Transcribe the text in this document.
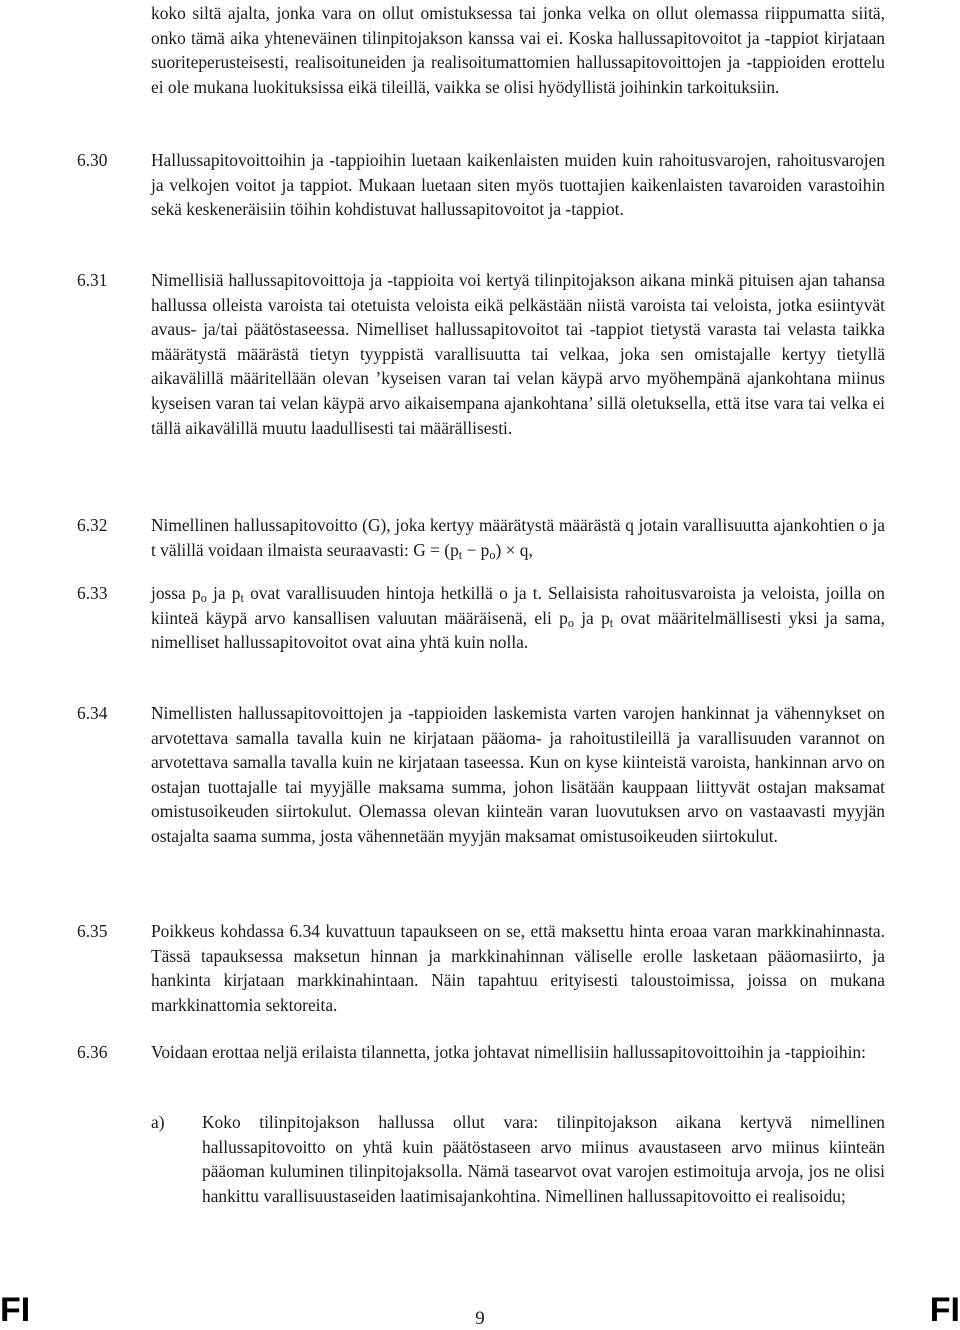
koko siltä ajalta, jonka vara on ollut omistuksessa tai jonka velka on ollut olemassa riippumatta siitä, onko tämä aika yhteneväinen tilinpitojakson kanssa vai ei. Koska hallussapitovoitot ja -tappiot kirjataan suoriteperusteisesti, realisoituneiden ja realisoitumattomien hallussapitovoittojen ja -tappioiden erottelu ei ole mukana luokituksissa eikä tileillä, vaikka se olisi hyödyllistä joihinkin tarkoituksiin.
6.30	Hallussapitovoittoihin ja -tappioihin luetaan kaikenlaisten muiden kuin rahoitusvarojen, rahoitusvarojen ja velkojen voitot ja tappiot. Mukaan luetaan siten myös tuottajien kaikenlaisten tavaroiden varastoihin sekä keskeneräisiin töihin kohdistuvat hallussapitovoitot ja -tappiot.
6.31	Nimellisiä hallussapitovoittoja ja -tappioita voi kertyä tilinpitojakson aikana minkä pituisen ajan tahansa hallussa olleista varoista tai otetuista veloista eikä pelkästään niistä varoista tai veloista, jotka esiintyvät avaus- ja/tai päätöstaseessa. Nimelliset hallussapitovoitot tai -tappiot tietystä varasta tai velasta taikka määrätystä määrästä tietyn tyyppistä varallisuutta tai velkaa, joka sen omistajalle kertyy tietyllä aikavälillä määritellään olevan ’kyseisen varan tai velan käypä arvo myöhempänä ajankohtana miinus kyseisen varan tai velan käypä arvo aikaisempana ajankohtana’ sillä oletuksella, että itse vara tai velka ei tällä aikavälillä muutu laadullisesti tai määrällisesti.
6.32	Nimellinen hallussapitovoitto (G), joka kertyy määrätystä määrästä q jotain varallisuutta ajankohtien o ja t välillä voidaan ilmaista seuraavasti: $G = (p_t - p_o) \times q$,
6.33	jossa $p_o$ ja $p_t$ ovat varallisuuden hintoja hetkillä o ja t. Sellaisista rahoitusvaroista ja veloista, joilla on kiinteä käypä arvo kansallisen valuutan määräisenä, eli $p_o$ ja $p_t$ ovat määritelmällisesti yksi ja sama, nimelliset hallussapitovoitot ovat aina yhtä kuin nolla.
6.34	Nimellisten hallussapitovoittojen ja -tappioiden laskemista varten varojen hankinnat ja vähennykset on arvotettava samalla tavalla kuin ne kirjataan pääoma- ja rahoitustileillä ja varallisuuden varannot on arvotettava samalla tavalla kuin ne kirjataan taseessa. Kun on kyse kiinteistä varoista, hankinnan arvo on ostajan tuottajalle tai myyjälle maksama summa, johon lisätään kauppaan liittyvät ostajan maksamat omistusoikeuden siirtokulut. Olemassa olevan kiinteän varan luovutuksen arvo on vastaavasti myyjän ostajalta saama summa, josta vähennetään myyjän maksamat omistusoikeuden siirtokulut.
6.35	Poikkeus kohdassa 6.34 kuvattuun tapaukseen on se, että maksettu hinta eroaa varan markkinahinnasta. Tässä tapauksessa maksetun hinnan ja markkinahinnan väliselle erolle lasketaan pääomasiirto, ja hankinta kirjataan markkinahintaan. Näin tapahtuu erityisesti taloustoimissa, joissa on mukana markkinattomia sektoreita.
6.36	Voidaan erottaa neljä erilaista tilannetta, jotka johtavat nimellisiin hallussapitovoittoihin ja -tappioihin:
a) Koko tilinpitojakson hallussa ollut vara: tilinpitojakson aikana kertyvä nimellinen hallussapitovoitto on yhtä kuin päätöstaseen arvo miinus avaustaseen arvo miinus kiinteän pääoman kuluminen tilinpitojaksolla. Nämä tasearvot ovat varojen estimoituja arvoja, jos ne olisi hankittu varallisuustaseiden laatimisajankohtina. Nimellinen hallussapitovoitto ei realisoidu;
FI	9	FI
